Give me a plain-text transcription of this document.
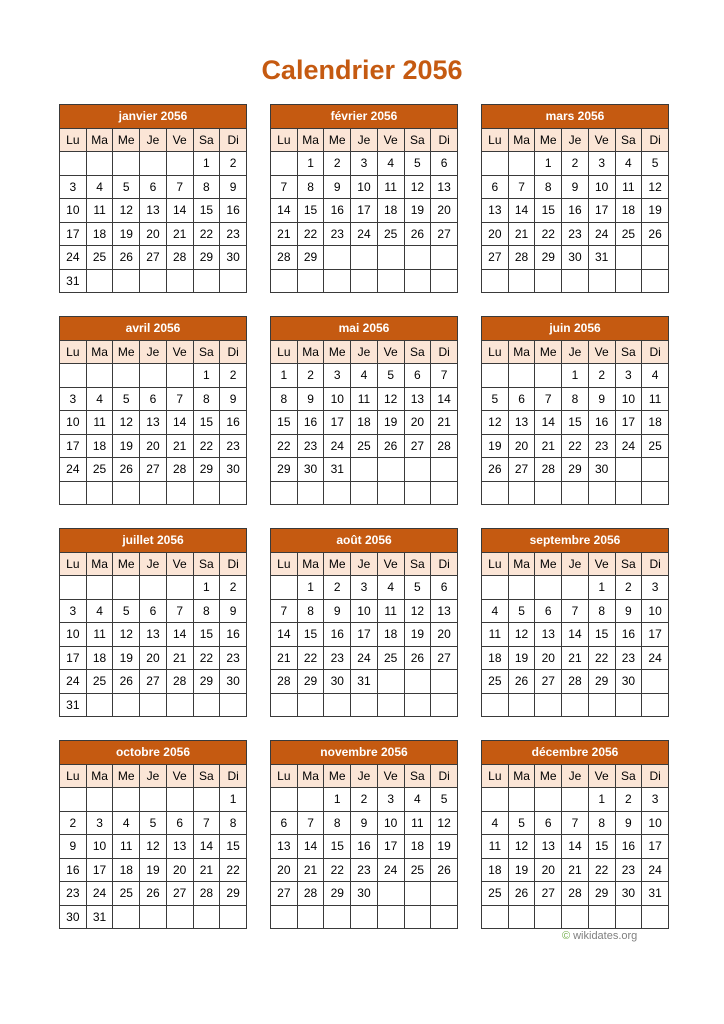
Calendrier 2056
janvier 2056						
Lu	Ma	Me	Je	Ve	Sa	Di
					1	2
3	4	5	6	7	8	9
10	11	12	13	14	15	16
17	18	19	20	21	22	23
24	25	26	27	28	29	30
31						
février 2056						
Lu	Ma	Me	Je	Ve	Sa	Di
	1	2	3	4	5	6
7	8	9	10	11	12	13
14	15	16	17	18	19	20
21	22	23	24	25	26	27
28	29					

mars 2056						
Lu	Ma	Me	Je	Ve	Sa	Di
		1	2	3	4	5
6	7	8	9	10	11	12
13	14	15	16	17	18	19
20	21	22	23	24	25	26
27	28	29	30	31		

avril 2056						
Lu	Ma	Me	Je	Ve	Sa	Di
					1	2
3	4	5	6	7	8	9
10	11	12	13	14	15	16
17	18	19	20	21	22	23
24	25	26	27	28	29	30

mai 2056						
Lu	Ma	Me	Je	Ve	Sa	Di
1	2	3	4	5	6	7
8	9	10	11	12	13	14
15	16	17	18	19	20	21
22	23	24	25	26	27	28
29	30	31				

juin 2056						
Lu	Ma	Me	Je	Ve	Sa	Di
			1	2	3	4
5	6	7	8	9	10	11
12	13	14	15	16	17	18
19	20	21	22	23	24	25
26	27	28	29	30		

juillet 2056						
Lu	Ma	Me	Je	Ve	Sa	Di
					1	2
3	4	5	6	7	8	9
10	11	12	13	14	15	16
17	18	19	20	21	22	23
24	25	26	27	28	29	30
31						
août 2056						
Lu	Ma	Me	Je	Ve	Sa	Di
	1	2	3	4	5	6
7	8	9	10	11	12	13
14	15	16	17	18	19	20
21	22	23	24	25	26	27
28	29	30	31			

septembre 2056						
Lu	Ma	Me	Je	Ve	Sa	Di
				1	2	3
4	5	6	7	8	9	10
11	12	13	14	15	16	17
18	19	20	21	22	23	24
25	26	27	28	29	30	

octobre 2056						
Lu	Ma	Me	Je	Ve	Sa	Di
						1
2	3	4	5	6	7	8
9	10	11	12	13	14	15
16	17	18	19	20	21	22
23	24	25	26	27	28	29
30	31					
novembre 2056						
Lu	Ma	Me	Je	Ve	Sa	Di
		1	2	3	4	5
6	7	8	9	10	11	12
13	14	15	16	17	18	19
20	21	22	23	24	25	26
27	28	29	30			

décembre 2056						
Lu	Ma	Me	Je	Ve	Sa	Di
				1	2	3
4	5	6	7	8	9	10
11	12	13	14	15	16	17
18	19	20	21	22	23	24
25	26	27	28	29	30	31

© wikidates.org
